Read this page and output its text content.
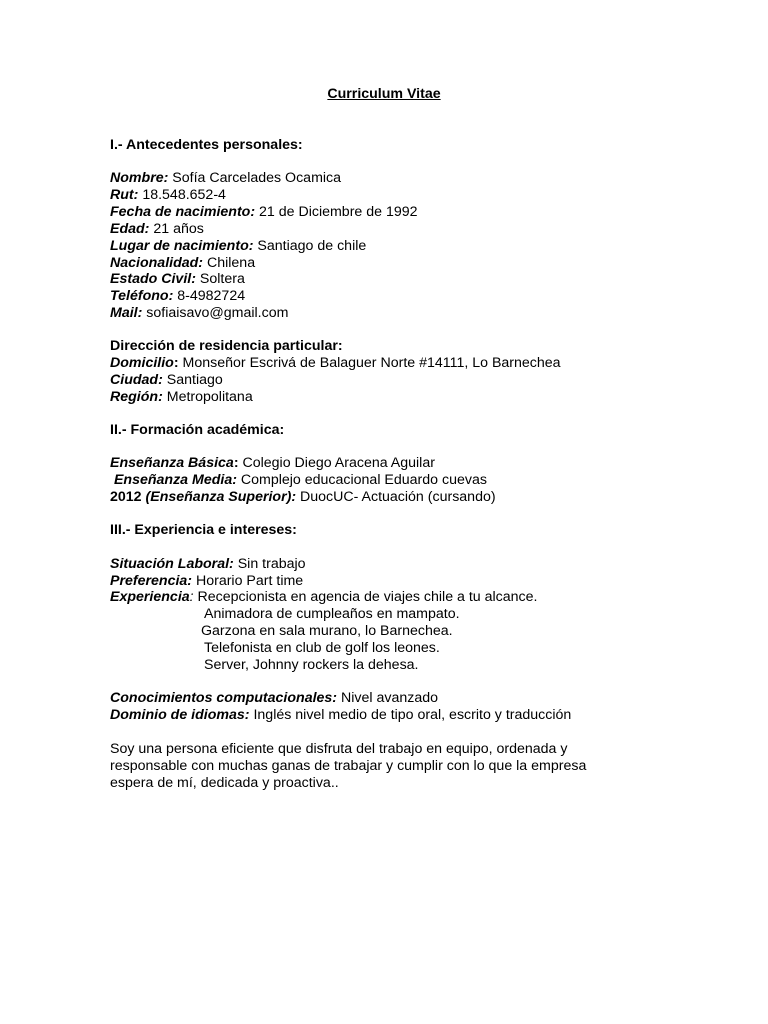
Curriculum Vitae
I.- Antecedentes personales:
Nombre: Sofía Carcelades Ocamica
Rut: 18.548.652-4
Fecha de nacimiento: 21 de Diciembre de 1992
Edad: 21 años
Lugar de nacimiento: Santiago de chile
Nacionalidad: Chilena
Estado Civil: Soltera
Teléfono: 8-4982724
Mail: sofiaisavo@gmail.com
Dirección de residencia particular:
Domicilio: Monseñor Escrivá de Balaguer Norte #14111, Lo Barnechea
Ciudad: Santiago
Región: Metropolitana
II.- Formación académica:
Enseñanza Básica: Colegio Diego Aracena Aguilar
Enseñanza Media: Complejo educacional Eduardo cuevas
2012 (Enseñanza Superior): DuocUC- Actuación (cursando)
III.- Experiencia e intereses:
Situación Laboral: Sin trabajo
Preferencia: Horario Part time
Experiencia: Recepcionista en agencia de viajes chile a tu alcance.
Animadora de cumpleaños en mampato.
Garzona en sala murano, lo Barnechea.
Telefonista en club de golf los leones.
Server, Johnny rockers la dehesa.
Conocimientos computacionales: Nivel avanzado
Dominio de idiomas: Inglés nivel medio de tipo oral, escrito y traducción
Soy una persona eficiente que disfruta del trabajo en equipo, ordenada y
responsable con muchas ganas de trabajar y cumplir con lo que la empresa
espera de mí, dedicada y proactiva..
